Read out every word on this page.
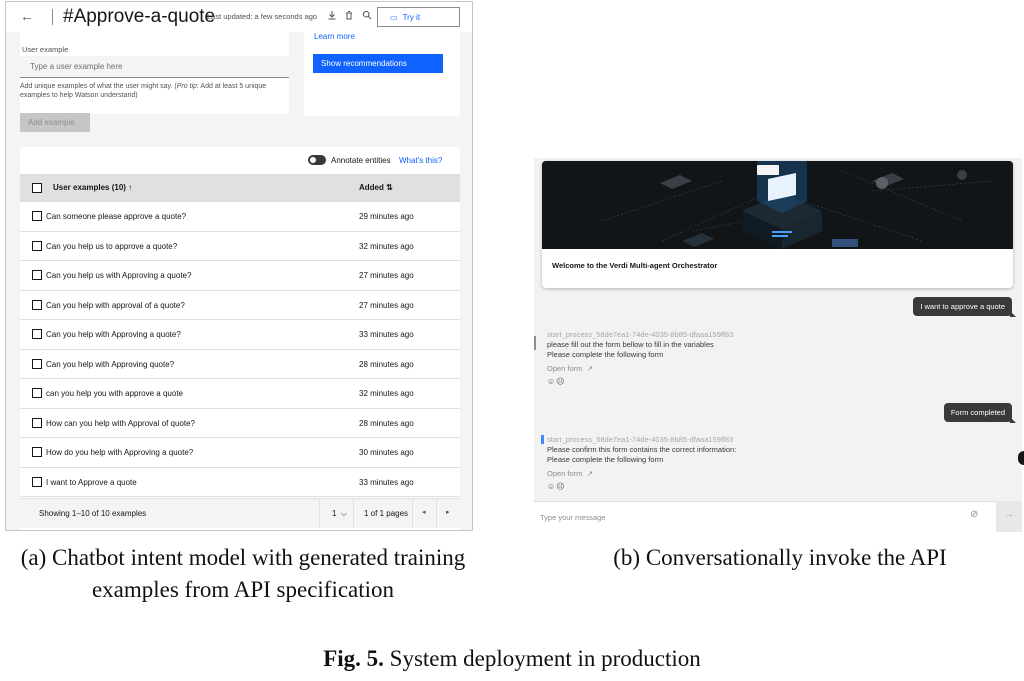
← #Approve-a-quote
Last updated: a few seconds ago	▭ Try it
User example
Type a user example here
Add unique examples of what the user might say. (Pro tip: Add at least 5 unique examples to help Watson understand)
Add example
Learn more
Show recommendations
Annotate entities What's this?
User examples (10) ↑	Added ⇅
Can someone please approve a quote?	29 minutes ago
Can you help us to approve a quote?	32 minutes ago
Can you help us with Approving a quote?	27 minutes ago
Can you help with approval of a quote?	27 minutes ago
Can you help with Approving a quote?	33 minutes ago
Can you help with Approving quote?	28 minutes ago
can you help you with approve a quote	32 minutes ago
How can you help with Approval of quote?	28 minutes ago
How do you help with Approving a quote?	30 minutes ago
I want to Approve a quote	33 minutes ago
Showing 1–10 of 10 examples	1 ⌵ 1 of 1 pages ◂	▸
Welcome to the Verdi Multi-agent Orchestrator
I want to approve a quote
start_process_58de7ea1-74de-4035-8b85-dfaaa159ff83
please fill out the form bellow to fill in the variables
Please complete the following form
Open form ↗
☺☹
Form completed
start_process_58de7ea1-74de-4035-8b85-dfaaa159ff83
Please confirm this form contains the correct information:
Please complete the following form
Open form ↗
☺☹
Type your message
⊘	→
(a) Chatbot intent model with generated training examples from API specification
(b) Conversationally invoke the API
Fig. 5. System deployment in production
